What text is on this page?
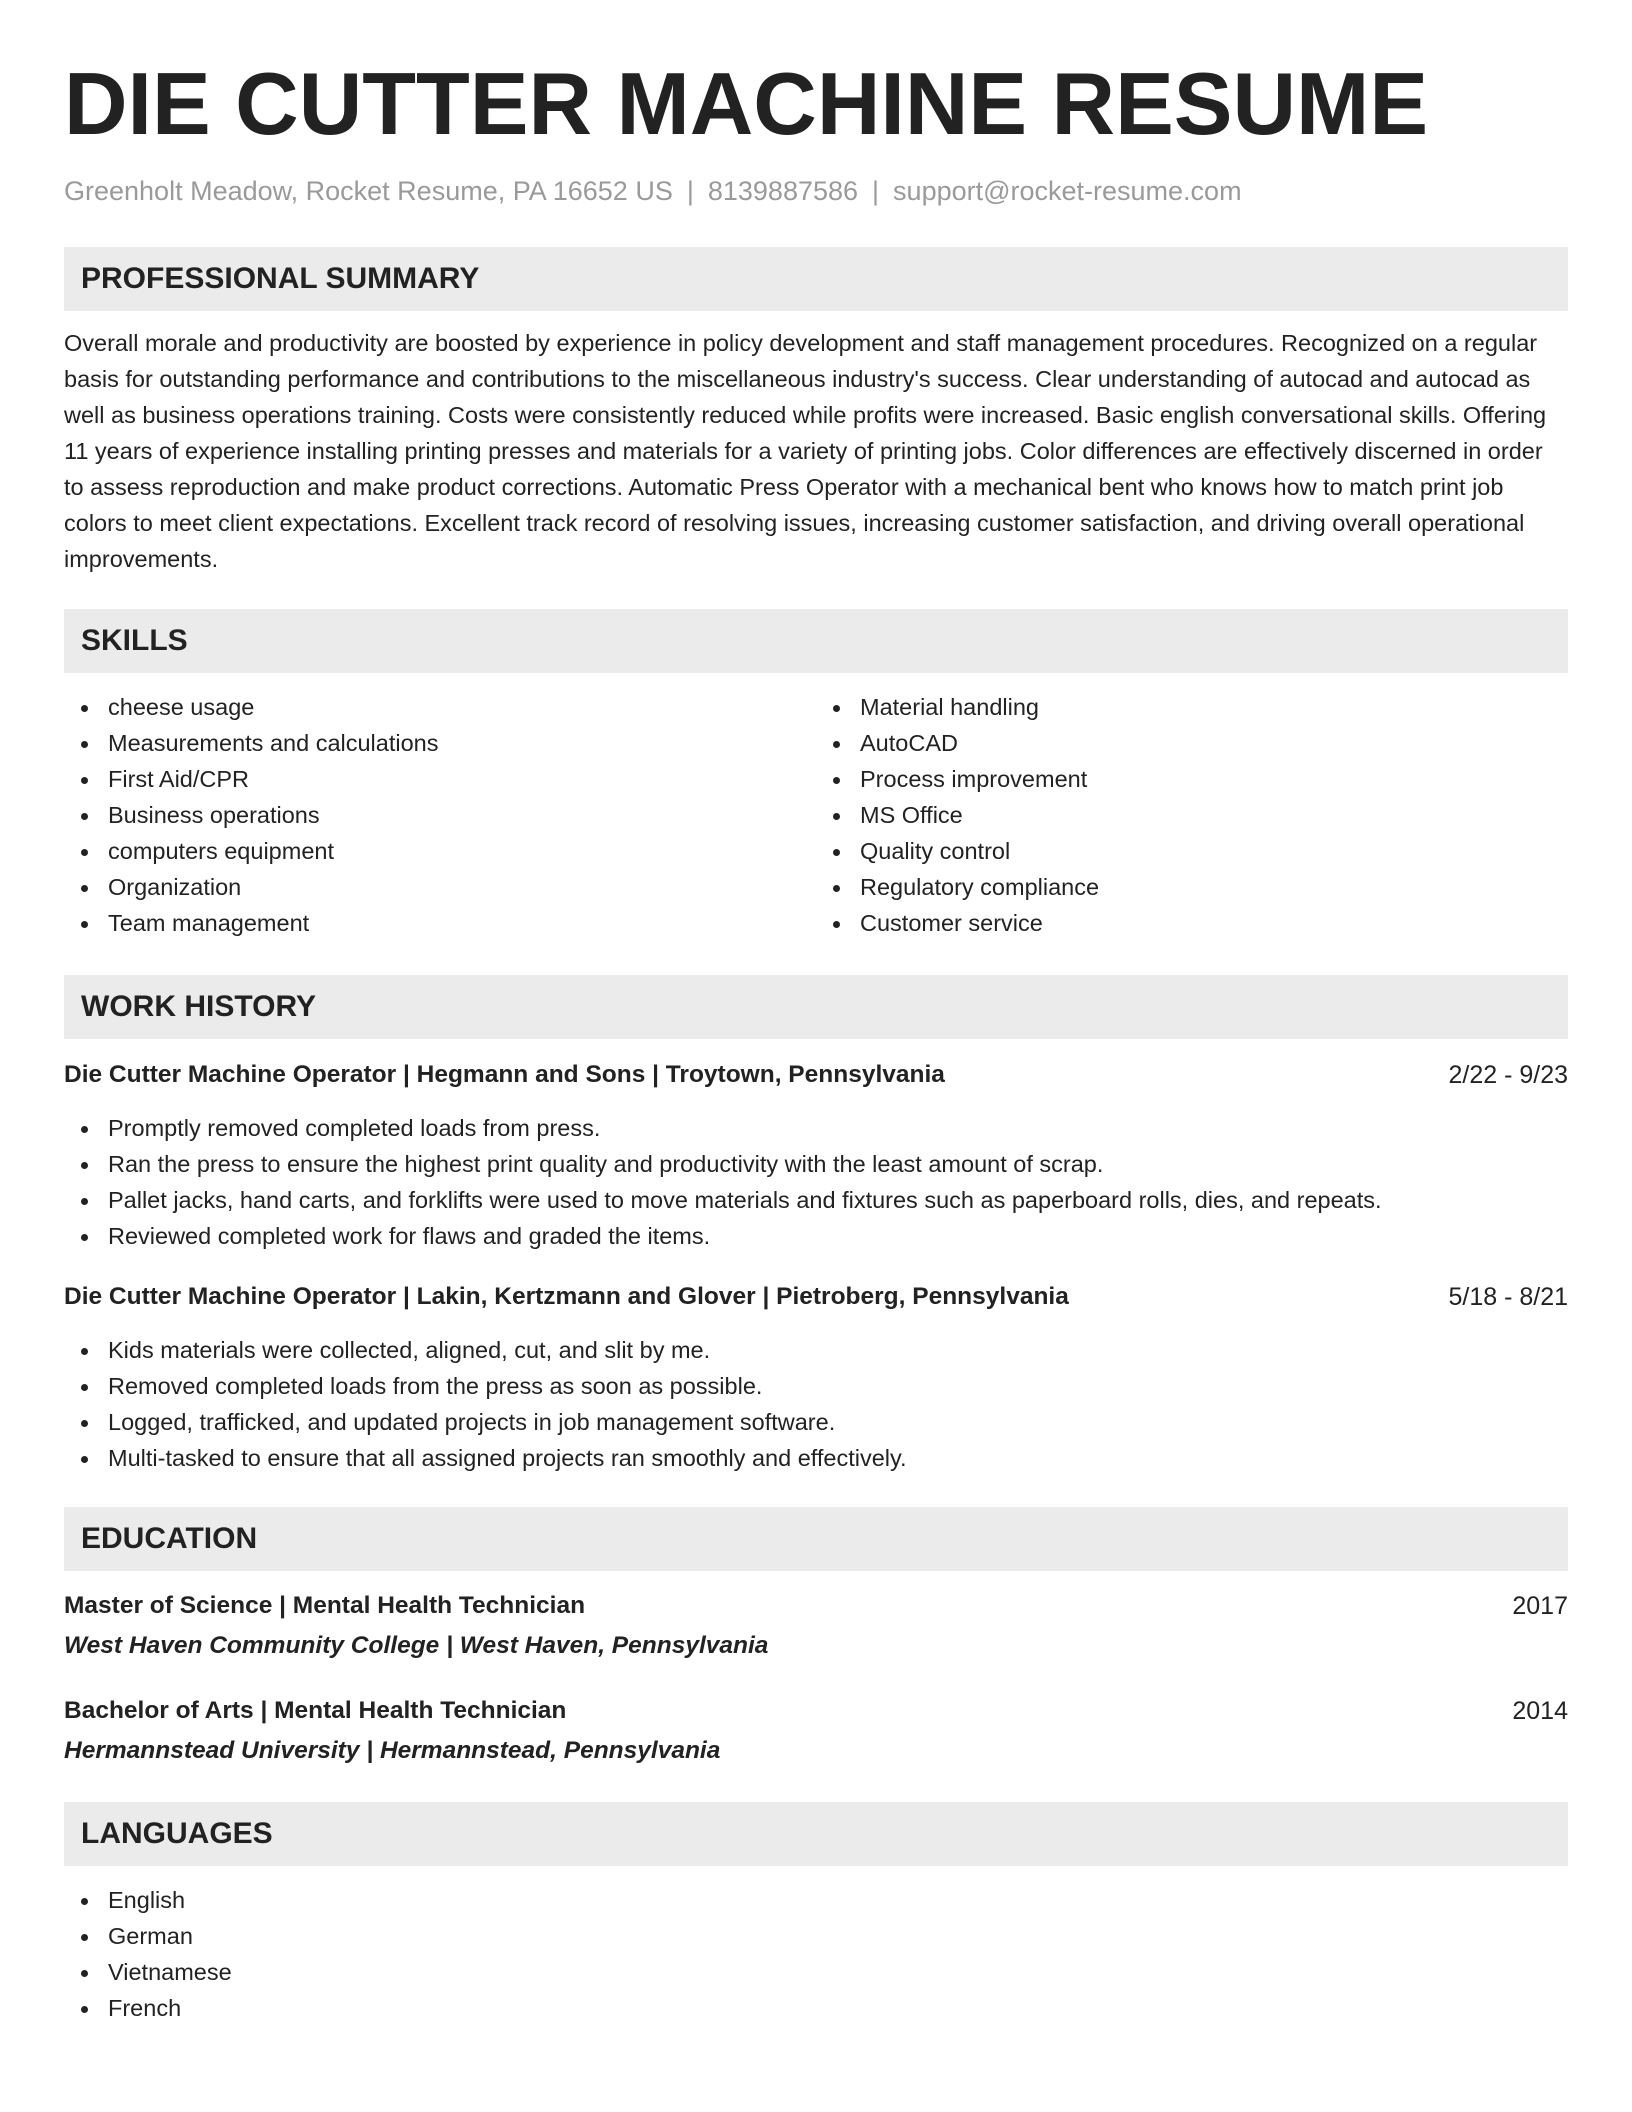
DIE CUTTER MACHINE RESUME
Greenholt Meadow, Rocket Resume, PA 16652 US | 8139887586 | support@rocket-resume.com
PROFESSIONAL SUMMARY
Overall morale and productivity are boosted by experience in policy development and staff management procedures. Recognized on a regular basis for outstanding performance and contributions to the miscellaneous industry's success. Clear understanding of autocad and autocad as well as business operations training. Costs were consistently reduced while profits were increased. Basic english conversational skills. Offering 11 years of experience installing printing presses and materials for a variety of printing jobs. Color differences are effectively discerned in order to assess reproduction and make product corrections. Automatic Press Operator with a mechanical bent who knows how to match print job colors to meet client expectations. Excellent track record of resolving issues, increasing customer satisfaction, and driving overall operational improvements.
SKILLS
cheese usage
Measurements and calculations
First Aid/CPR
Business operations
computers equipment
Organization
Team management
Material handling
AutoCAD
Process improvement
MS Office
Quality control
Regulatory compliance
Customer service
WORK HISTORY
Die Cutter Machine Operator | Hegmann and Sons | Troytown, Pennsylvania	2/22 - 9/23
Promptly removed completed loads from press.
Ran the press to ensure the highest print quality and productivity with the least amount of scrap.
Pallet jacks, hand carts, and forklifts were used to move materials and fixtures such as paperboard rolls, dies, and repeats.
Reviewed completed work for flaws and graded the items.
Die Cutter Machine Operator | Lakin, Kertzmann and Glover | Pietroberg, Pennsylvania	5/18 - 8/21
Kids materials were collected, aligned, cut, and slit by me.
Removed completed loads from the press as soon as possible.
Logged, trafficked, and updated projects in job management software.
Multi-tasked to ensure that all assigned projects ran smoothly and effectively.
EDUCATION
Master of Science | Mental Health Technician	2017
West Haven Community College | West Haven, Pennsylvania
Bachelor of Arts | Mental Health Technician	2014
Hermannstead University | Hermannstead, Pennsylvania
LANGUAGES
English
German
Vietnamese
French
